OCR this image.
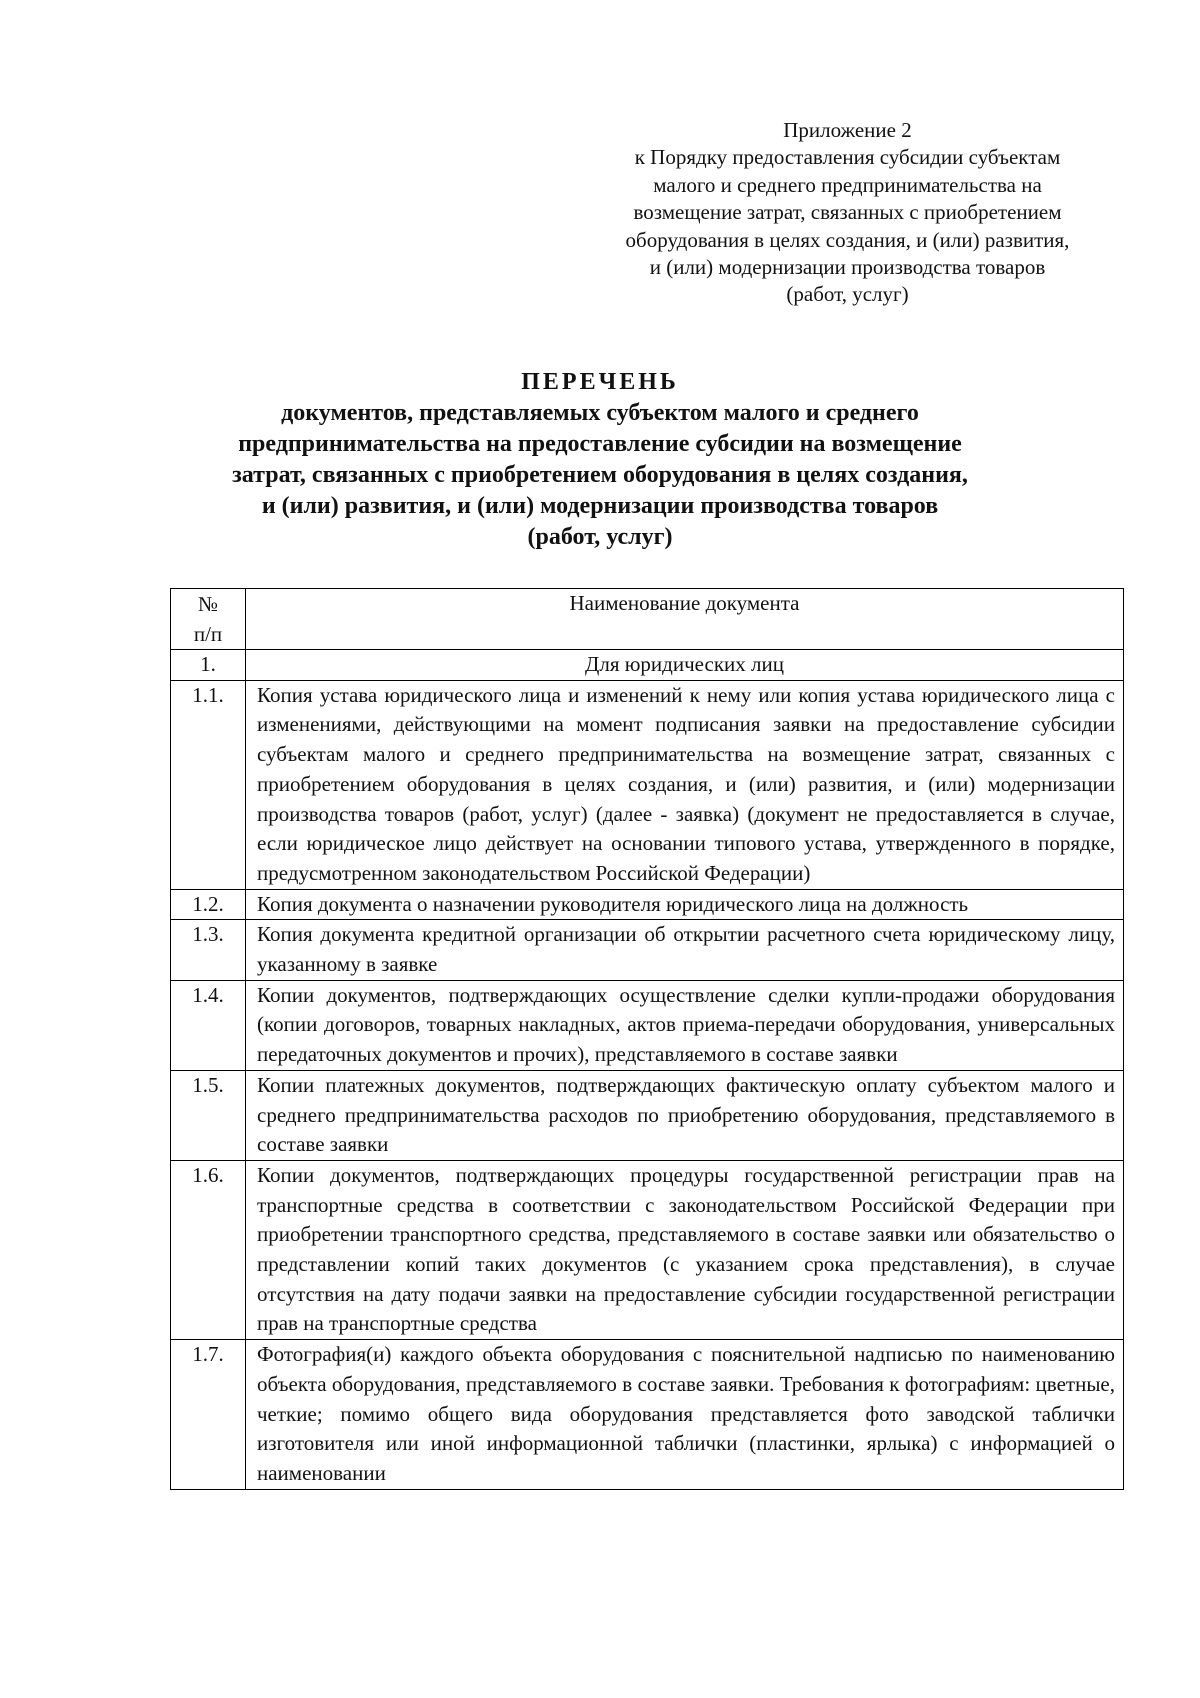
Приложение 2
к Порядку предоставления субсидии субъектам
малого и среднего предпринимательства на
возмещение затрат, связанных с приобретением
оборудования в целях создания, и (или) развития,
и (или) модернизации производства товаров
(работ, услуг)
ПЕРЕЧЕНЬ
документов, представляемых субъектом малого и среднего
предпринимательства на предоставление субсидии на возмещение
затрат, связанных с приобретением оборудования в целях создания,
и (или) развития, и (или) модернизации производства товаров
(работ, услуг)
№
п/п	Наименование документа
1.	Для юридических лиц
1.1.	Копия устава юридического лица и изменений к нему или копия устава юридического лица с изменениями, действующими на момент подписания заявки на предоставление субсидии субъектам малого и среднего предпринимательства на возмещение затрат, связанных с приобретением оборудования в целях создания, и (или) развития, и (или) модернизации производства товаров (работ, услуг) (далее - заявка) (документ не предоставляется в случае, если юридическое лицо действует на основании типового устава, утвержденного в порядке, предусмотренном законодательством Российской Федерации)
1.2.	Копия документа о назначении руководителя юридического лица на должность
1.3.	Копия документа кредитной организации об открытии расчетного счета юридическому лицу, указанному в заявке
1.4.	Копии документов, подтверждающих осуществление сделки купли-продажи оборудования (копии договоров, товарных накладных, актов приема-передачи оборудования, универсальных передаточных документов и прочих), представляемого в составе заявки
1.5.	Копии платежных документов, подтверждающих фактическую оплату субъектом малого и среднего предпринимательства расходов по приобретению оборудования, представляемого в составе заявки
1.6.	Копии документов, подтверждающих процедуры государственной регистрации прав на транспортные средства в соответствии с законодательством Российской Федерации при приобретении транспортного средства, представляемого в составе заявки или обязательство о представлении копий таких документов (с указанием срока представления), в случае отсутствия на дату подачи заявки на предоставление субсидии государственной регистрации прав на транспортные средства
1.7.	Фотография(и) каждого объекта оборудования с пояснительной надписью по наименованию объекта оборудования, представляемого в составе заявки. Требования к фотографиям: цветные, четкие; помимо общего вида оборудования представляется фото заводской таблички изготовителя или иной информационной таблички (пластинки, ярлыка) с информацией о наименовании
